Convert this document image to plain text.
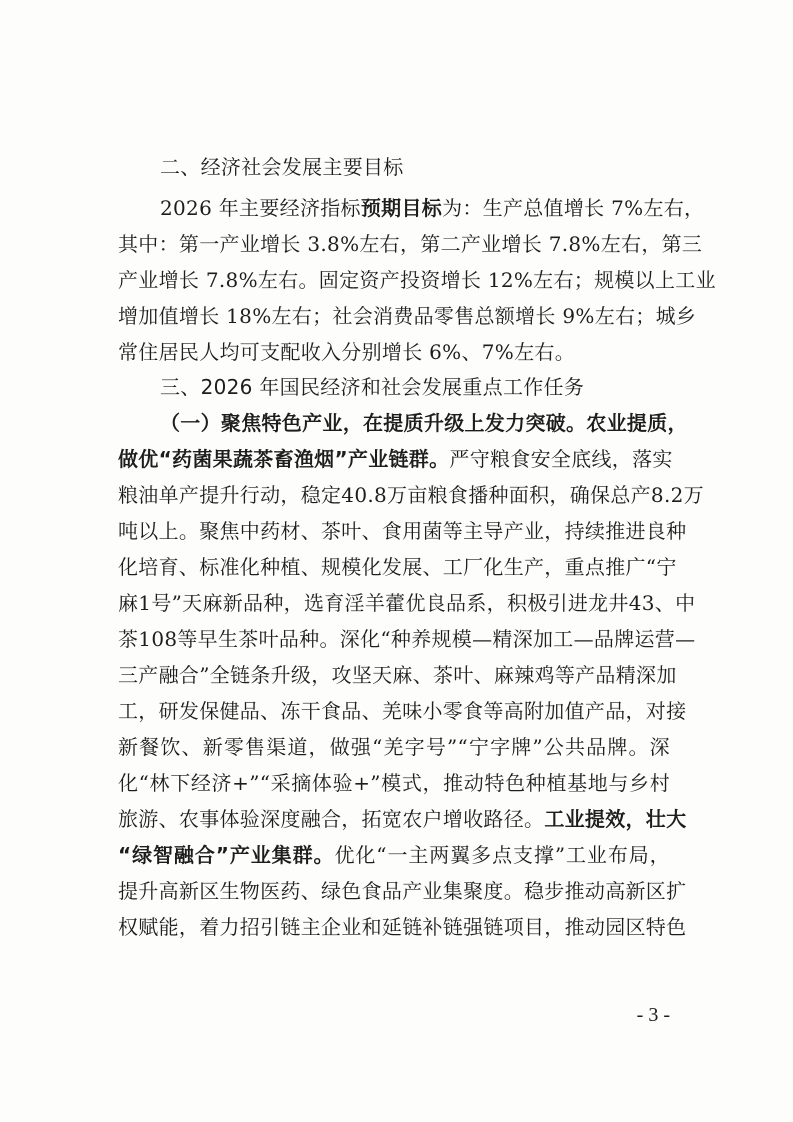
二、经济社会发展主要目标
2026 年主要经济指标预期目标为：生产总值增长 7%左右，
其中：第一产业增长 3.8%左右，第二产业增长 7.8%左右，第三
产业增长 7.8%左右。固定资产投资增长 12%左右；规模以上工业
增加值增长 18%左右；社会消费品零售总额增长 9%左右；城乡
常住居民人均可支配收入分别增长 6%、7%左右。
三、2026 年国民经济和社会发展重点工作任务
（一）聚焦特色产业，在提质升级上发力突破。农业提质，
做优“药菌果蔬茶畜渔烟”产业链群。严守粮食安全底线，落实
粮油单产提升行动，稳定40.8万亩粮食播种面积，确保总产8.2万
吨以上。聚焦中药材、茶叶、食用菌等主导产业，持续推进良种
化培育、标准化种植、规模化发展、工厂化生产，重点推广“宁
麻1号”天麻新品种，选育淫羊藿优良品系，积极引进龙井43、中
茶108等早生茶叶品种。深化“种养规模—精深加工—品牌运营—
三产融合”全链条升级，攻坚天麻、茶叶、麻辣鸡等产品精深加
工，研发保健品、冻干食品、羌味小零食等高附加值产品，对接
新餐饮、新零售渠道，做强“羌字号”“宁字牌”公共品牌。深
化“林下经济+”“采摘体验+”模式，推动特色种植基地与乡村
旅游、农事体验深度融合，拓宽农户增收路径。工业提效，壮大
“绿智融合”产业集群。优化“一主两翼多点支撑”工业布局，
提升高新区生物医药、绿色食品产业集聚度。稳步推动高新区扩
权赋能，着力招引链主企业和延链补链强链项目，推动园区特色
- 3 -
